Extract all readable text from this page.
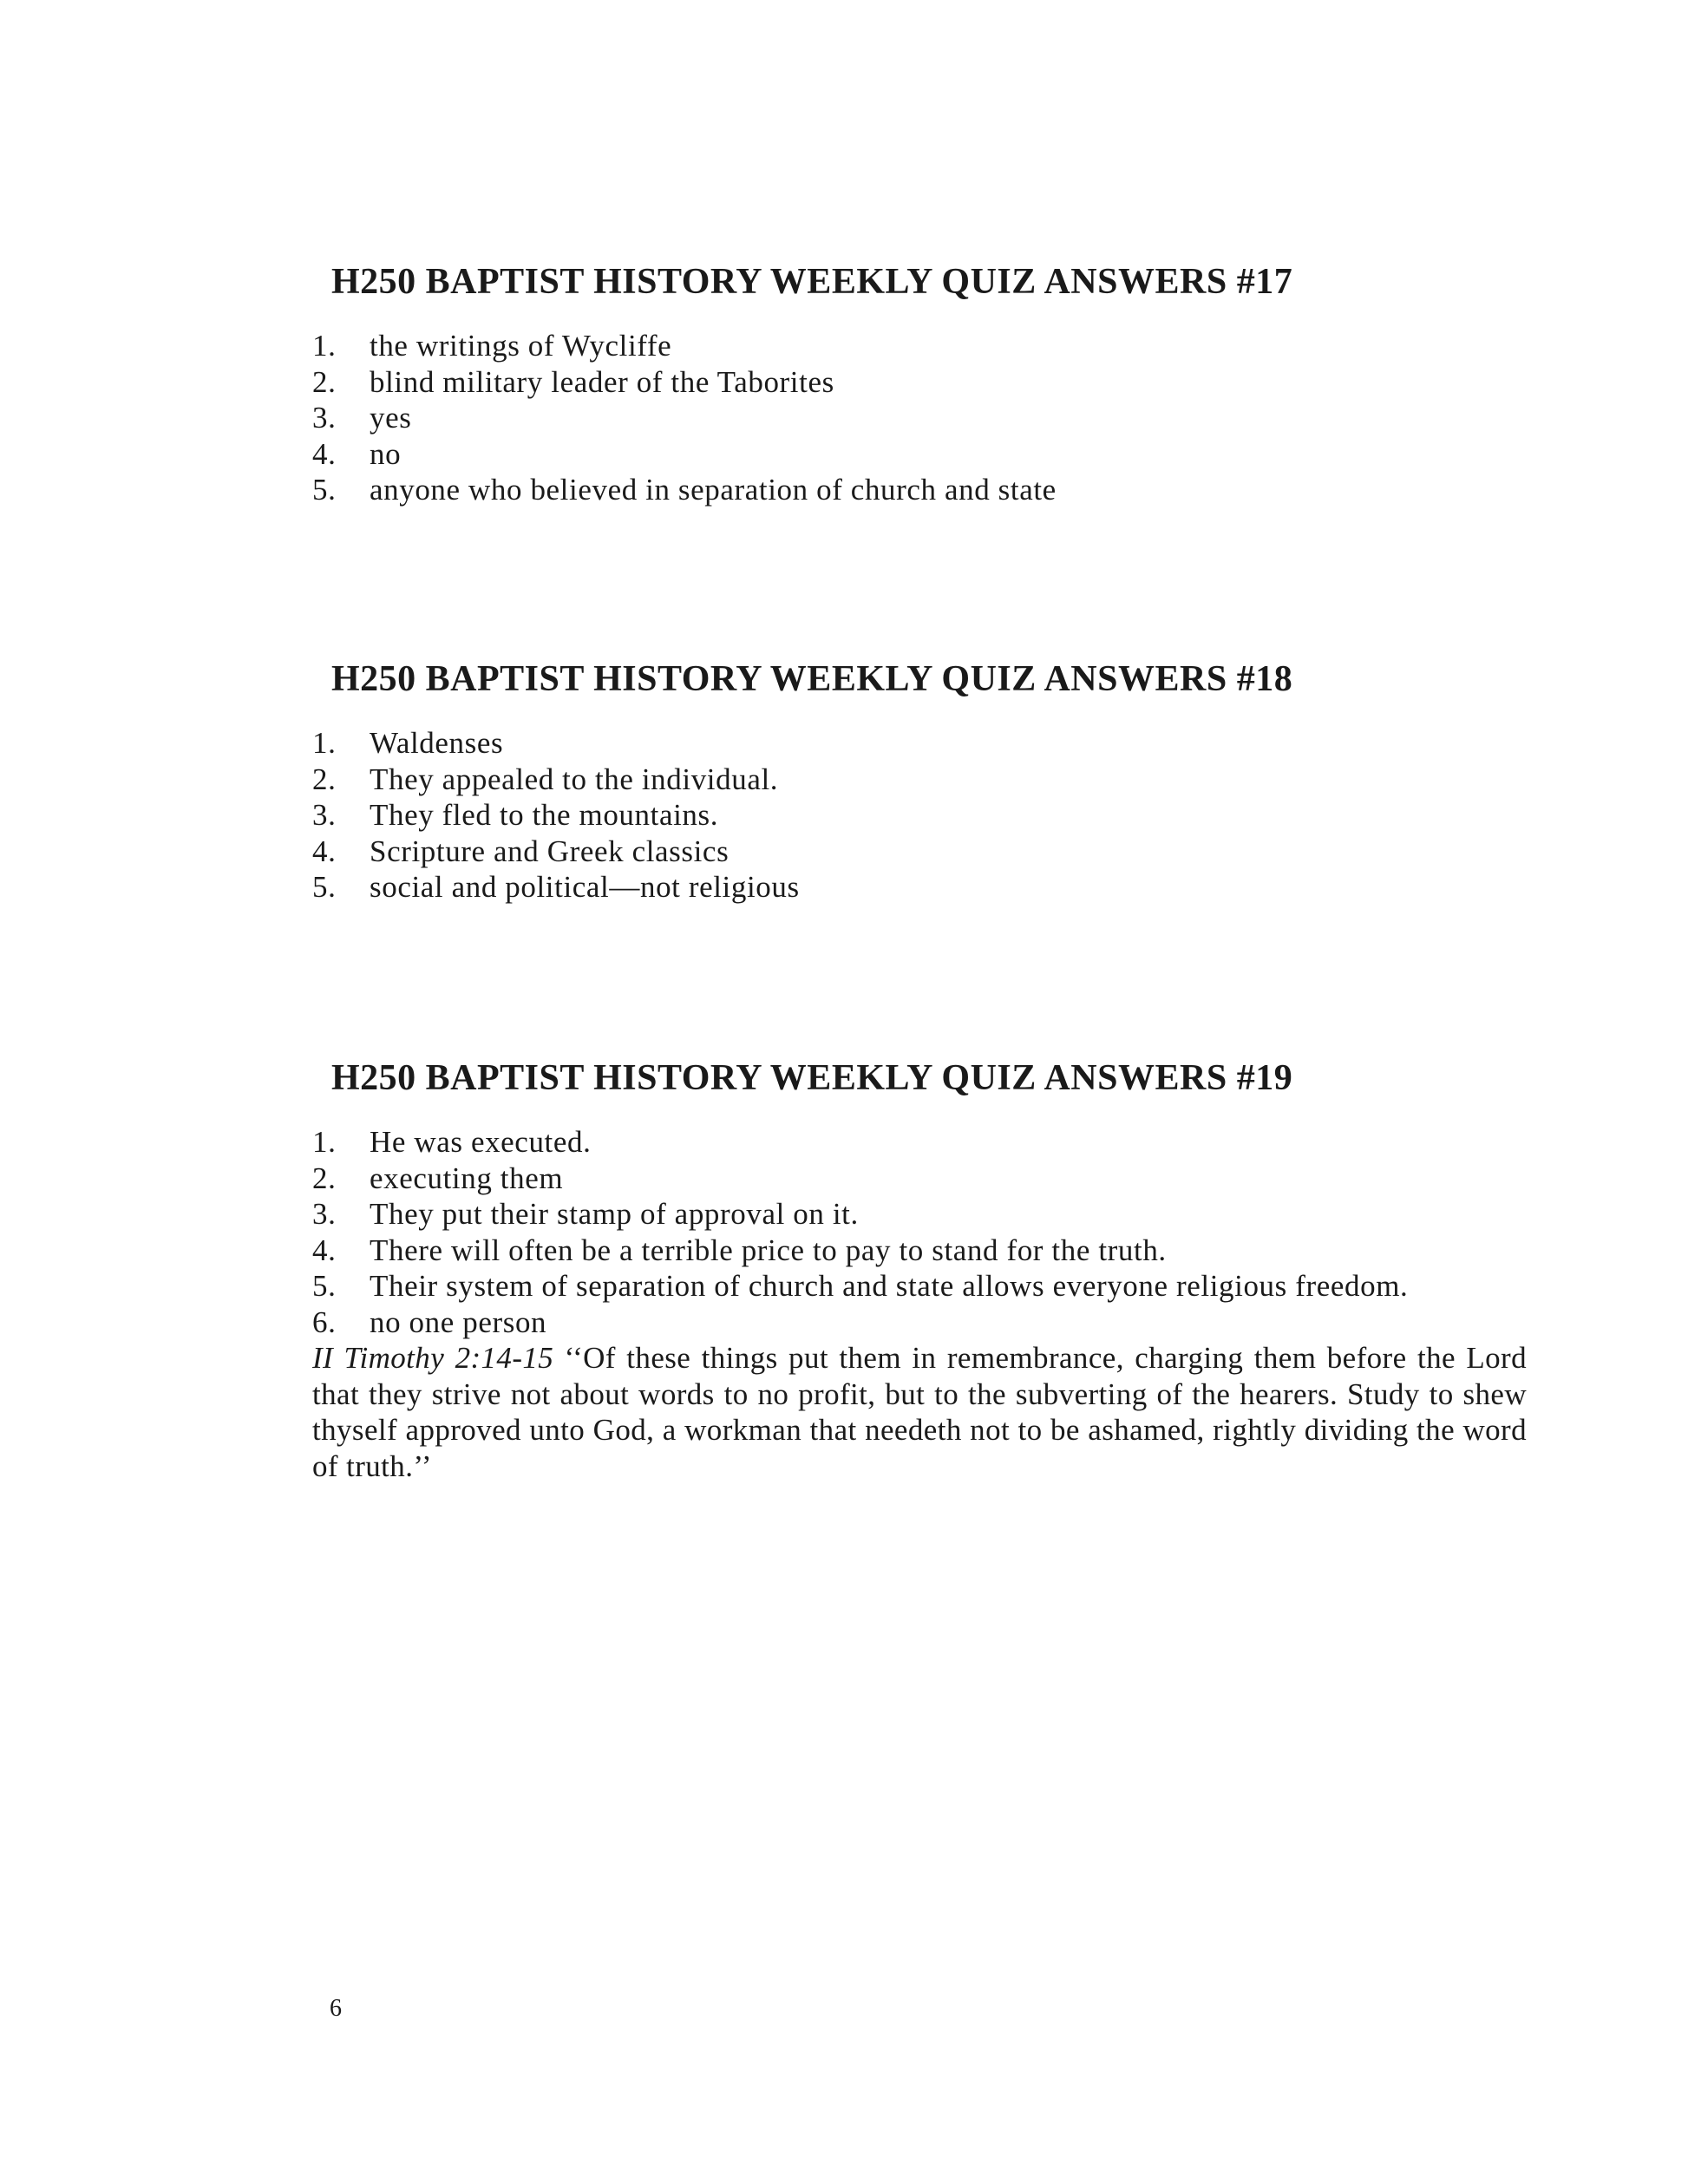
H250 BAPTIST HISTORY WEEKLY QUIZ ANSWERS #17
1.	the writings of Wycliffe
2.	blind military leader of the Taborites
3.	yes
4.	no
5.	anyone who believed in separation of church and state
H250 BAPTIST HISTORY WEEKLY QUIZ ANSWERS #18
1.	Waldenses
2.	They appealed to the individual.
3.	They fled to the mountains.
4.	Scripture and Greek classics
5.	social and political—not religious
H250 BAPTIST HISTORY WEEKLY QUIZ ANSWERS #19
1.	He was executed.
2.	executing them
3.	They put their stamp of approval on it.
4.	There will often be a terrible price to pay to stand for the truth.
5.	Their system of separation of church and state allows everyone religious freedom.
6.	no one person

II Timothy 2:14-15 ‘‘Of these things put them in remembrance, charging them before the Lord that they strive not about words to no profit, but to the subverting of the hearers. Study to shew thyself approved unto God, a workman that needeth not to be ashamed, rightly dividing the word of truth.’’

6
